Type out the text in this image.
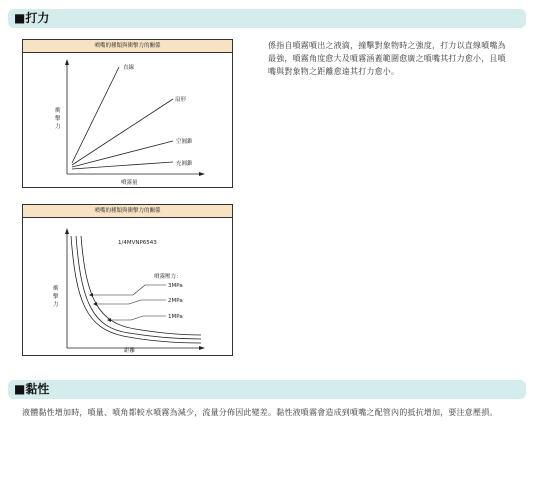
■打力
噴嘴的種類與衝擊力的關係
衝
擊
力
噴霧量
直線
扇形
空圓錐
充圓錐
噴嘴的種類與衝擊力的關係
1/4MVNP6543
衝
擊
力
距離
噴霧壓力：
3MPa
2MPa
1MPa
係指自噴霧噴出之液滴，撞擊對象物時之強度，打力以直線噴嘴為最強，噴霧角度愈大及噴霧涵蓋範圍愈廣之噴嘴其打力愈小，且噴嘴與對象物之距離愈遠其打力愈小。
■黏性
液體黏性增加時，噴量、噴角都較水噴霧為減少，流量分佈因此變差。黏性液噴霧會造成到噴嘴之配管內的抵抗增加，要注意壓損。
